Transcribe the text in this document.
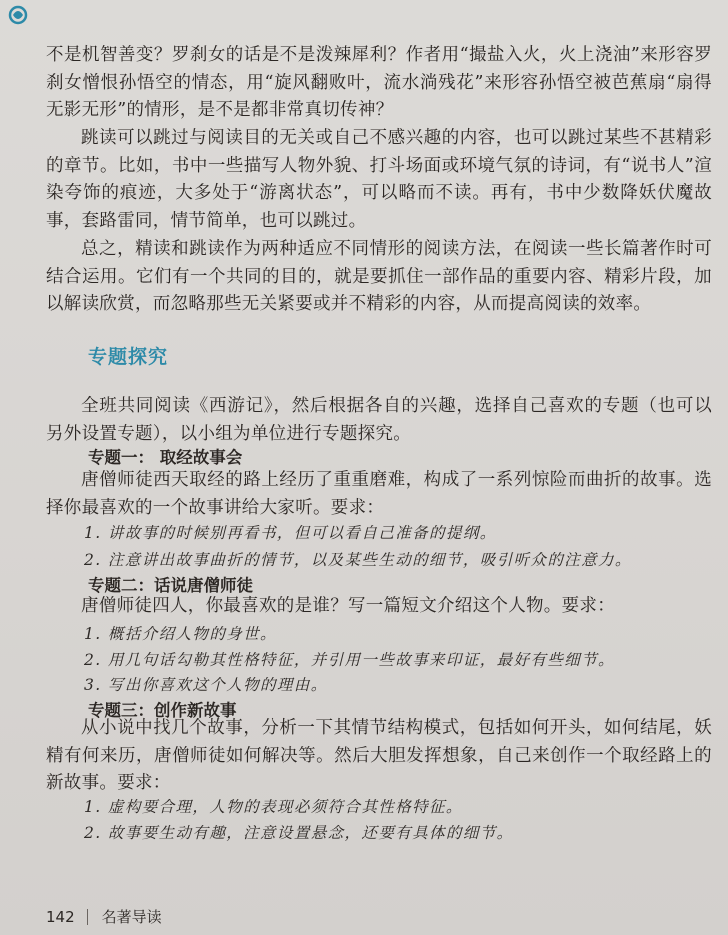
不是机智善变？罗刹女的话是不是泼辣犀利？作者用“撮盐入火，火上浇油”来形容罗刹女憎恨孙悟空的情态，用“旋风翻败叶，流水淌残花”来形容孙悟空被芭蕉扇“扇得无影无形”的情形，是不是都非常真切传神？

跳读可以跳过与阅读目的无关或自己不感兴趣的内容，也可以跳过某些不甚精彩的章节。比如，书中一些描写人物外貌、打斗场面或环境气氛的诗词，有“说书人”渲染夸饰的痕迹，大多处于“游离状态”，可以略而不读。再有，书中少数降妖伏魔故事，套路雷同，情节简单，也可以跳过。

总之，精读和跳读作为两种适应不同情形的阅读方法，在阅读一些长篇著作时可结合运用。它们有一个共同的目的，就是要抓住一部作品的重要内容、精彩片段，加以解读欣赏，而忽略那些无关紧要或并不精彩的内容，从而提高阅读的效率。

专题探究

全班共同阅读《西游记》，然后根据各自的兴趣，选择自己喜欢的专题（也可以另外设置专题），以小组为单位进行专题探究。

专题一： 取经故事会

唐僧师徒西天取经的路上经历了重重磨难，构成了一系列惊险而曲折的故事。选择你最喜欢的一个故事讲给大家听。要求：

1. 讲故事的时候别再看书，但可以看自己准备的提纲。

2. 注意讲出故事曲折的情节，以及某些生动的细节，吸引听众的注意力。

专题二：话说唐僧师徒

唐僧师徒四人，你最喜欢的是谁？写一篇短文介绍这个人物。要求：

1. 概括介绍人物的身世。

2. 用几句话勾勒其性格特征，并引用一些故事来印证，最好有些细节。

3. 写出你喜欢这个人物的理由。

专题三：创作新故事

从小说中找几个故事，分析一下其情节结构模式，包括如何开头，如何结尾，妖精有何来历，唐僧师徒如何解决等。然后大胆发挥想象，自己来创作一个取经路上的新故事。要求：

1. 虚构要合理，人物的表现必须符合其性格特征。

2. 故事要生动有趣，注意设置悬念，还要有具体的细节。

142 名著导读
